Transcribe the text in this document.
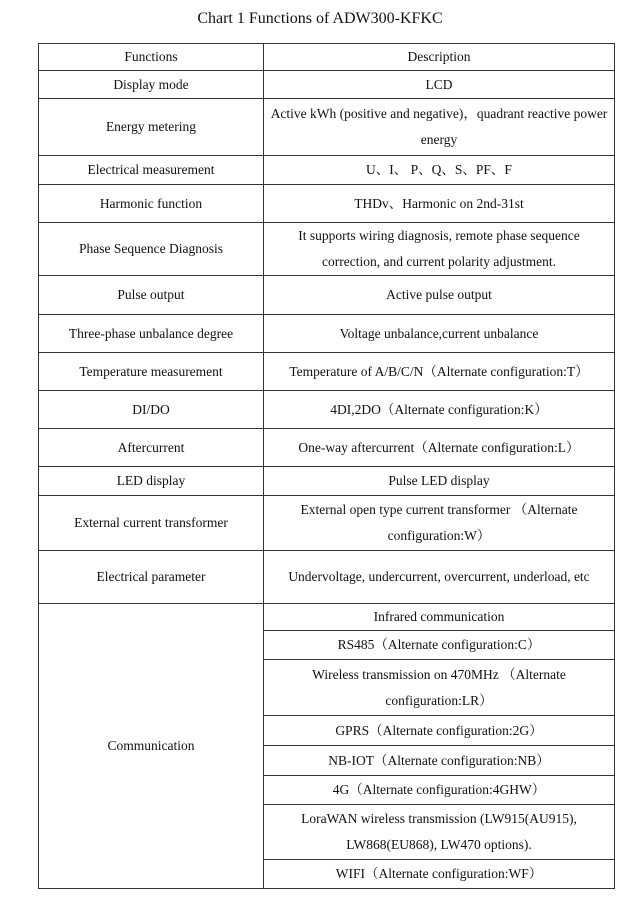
Chart 1 Functions of ADW300-KFKC
Functions	Description
Display mode	LCD
Energy metering	Active kWh (positive and negative)，quadrant reactive power energy
Electrical measurement	U、I、 P、Q、S、PF、F
Harmonic function	THDv、Harmonic on 2nd-31st
Phase Sequence Diagnosis	It supports wiring diagnosis, remote phase sequence correction, and current polarity adjustment.
Pulse output	Active pulse output
Three-phase unbalance degree	Voltage unbalance,current unbalance
Temperature measurement	Temperature of A/B/C/N（Alternate configuration:T）
DI/DO	4DI,2DO（Alternate configuration:K）
Aftercurrent	One-way aftercurrent（Alternate configuration:L）
LED display	Pulse LED display
External current transformer	External open type current transformer （Alternate configuration:W）
Electrical parameter	Undervoltage, undercurrent, overcurrent, underload, etc
Communication	Infrared communication
	RS485（Alternate configuration:C）
	Wireless transmission on 470MHz （Alternate configuration:LR）
	GPRS（Alternate configuration:2G）
	NB-IOT（Alternate configuration:NB）
	4G（Alternate configuration:4GHW）
	LoraWAN wireless transmission (LW915(AU915), LW868(EU868), LW470 options).
	WIFI（Alternate configuration:WF）
